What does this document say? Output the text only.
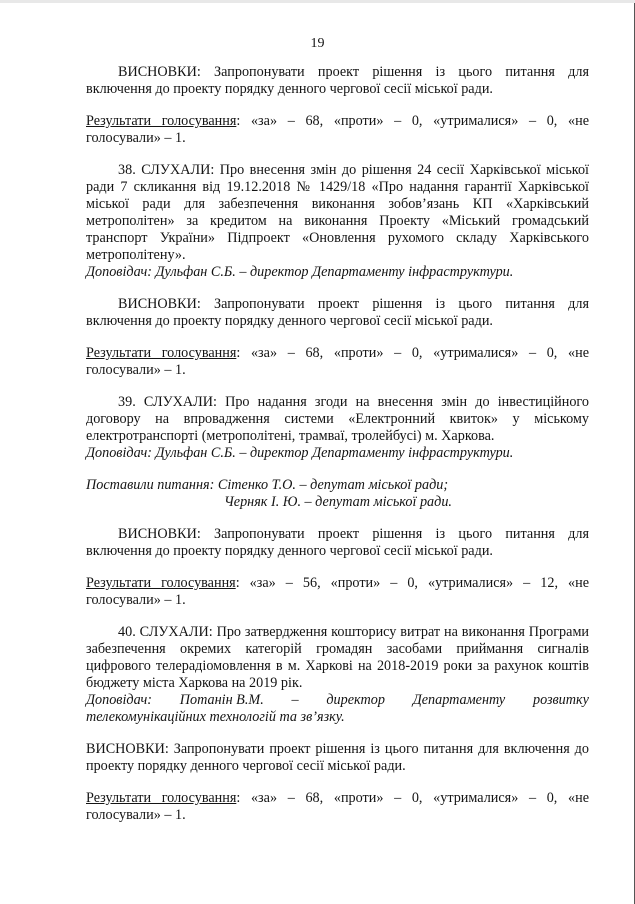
19

ВИСНОВКИ: Запропонувати проект рішення із цього питання для включення до проекту порядку денного чергової сесії міської ради.

Результати голосування: «за» – 68, «проти» – 0, «утрималися» – 0, «не голосували» – 1.

38. СЛУХАЛИ: Про внесення змін до рішення 24 сесії Харківської міської ради 7 скликання від 19.12.2018 № 1429/18 «Про надання гарантії Харківської міської ради для забезпечення виконання зобов’язань КП «Харківський метрополітен» за кредитом на виконання Проекту «Міський громадський транспорт України» Підпроект «Оновлення рухомого складу Харківського метрополітену».

Доповідач: Дульфан С.Б. – директор Департаменту інфраструктури.

ВИСНОВКИ: Запропонувати проект рішення із цього питання для включення до проекту порядку денного чергової сесії міської ради.

Результати голосування: «за» – 68, «проти» – 0, «утрималися» – 0, «не голосували» – 1.

39. СЛУХАЛИ: Про надання згоди на внесення змін до інвестиційного договору на впровадження системи «Електронний квиток» у міському електротранспорті (метрополітені, трамваї, тролейбусі) м. Харкова.

Доповідач: Дульфан С.Б. – директор Департаменту інфраструктури.

Поставили питання: Сітенко Т.О. – депутат міської ради;

Черняк І. Ю. – депутат міської ради.

ВИСНОВКИ: Запропонувати проект рішення із цього питання для включення до проекту порядку денного чергової сесії міської ради.

Результати голосування: «за» – 56, «проти» – 0, «утрималися» – 12, «не голосували» – 1.

40. СЛУХАЛИ: Про затвердження кошторису витрат на виконання Програми забезпечення окремих категорій громадян засобами приймання сигналів цифрового телерадіомовлення в м. Харкові на 2018-2019 роки за рахунок коштів бюджету міста Харкова на 2019 рік.

Доповідач: Потанін В.М. – директор Департаменту розвитку

телекомунікаційних технологій та зв’язку.

ВИСНОВКИ: Запропонувати проект рішення із цього питання для включення до проекту порядку денного чергової сесії міської ради.

Результати голосування: «за» – 68, «проти» – 0, «утрималися» – 0, «не голосували» – 1.
